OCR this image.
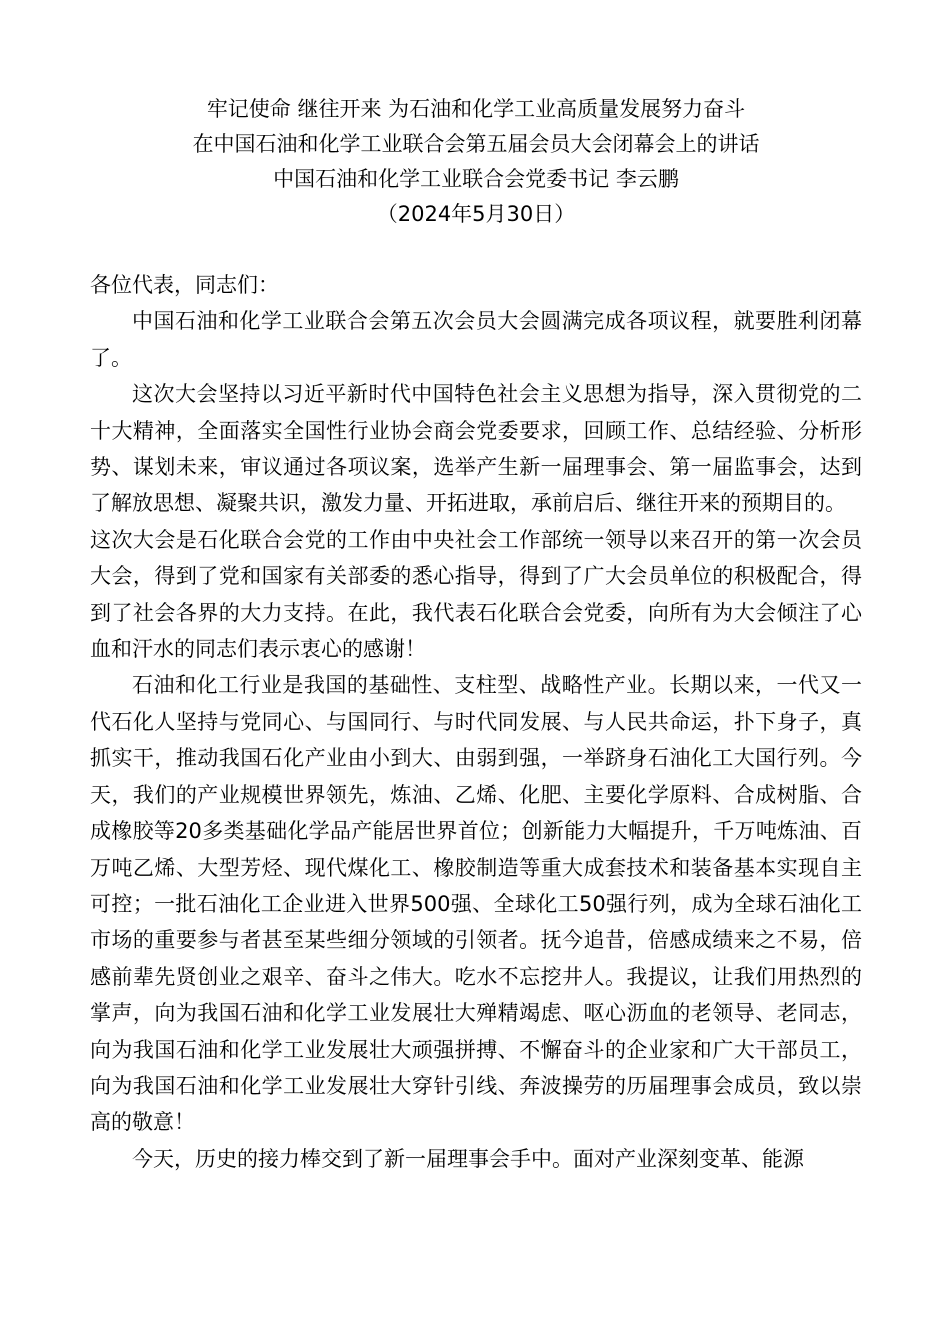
牢记使命 继往开来 为石油和化学工业高质量发展努力奋斗
在中国石油和化学工业联合会第五届会员大会闭幕会上的讲话
中国石油和化学工业联合会党委书记 李云鹏
（2024年5月30日）

各位代表，同志们：

中国石油和化学工业联合会第五次会员大会圆满完成各项议程，就要胜利闭幕了。

这次大会坚持以习近平新时代中国特色社会主义思想为指导，深入贯彻党的二十大精神，全面落实全国性行业协会商会党委要求，回顾工作、总结经验、分析形势、谋划未来，审议通过各项议案，选举产生新一届理事会、第一届监事会，达到了解放思想、凝聚共识，激发力量、开拓进取，承前启后、继往开来的预期目的。

这次大会是石化联合会党的工作由中央社会工作部统一领导以来召开的第一次会员大会，得到了党和国家有关部委的悉心指导，得到了广大会员单位的积极配合，得到了社会各界的大力支持。在此，我代表石化联合会党委，向所有为大会倾注了心血和汗水的同志们表示衷心的感谢！

石油和化工行业是我国的基础性、支柱型、战略性产业。长期以来，一代又一代石化人坚持与党同心、与国同行、与时代同发展、与人民共命运，扑下身子，真抓实干，推动我国石化产业由小到大、由弱到强，一举跻身石油化工大国行列。今天，我们的产业规模世界领先，炼油、乙烯、化肥、主要化学原料、合成树脂、合成橡胶等20多类基础化学品产能居世界首位；创新能力大幅提升，千万吨炼油、百万吨乙烯、大型芳烃、现代煤化工、橡胶制造等重大成套技术和装备基本实现自主可控；一批石油化工企业进入世界500强、全球化工50强行列，成为全球石油化工市场的重要参与者甚至某些细分领域的引领者。抚今追昔，倍感成绩来之不易，倍感前辈先贤创业之艰辛、奋斗之伟大。吃水不忘挖井人。我提议，让我们用热烈的掌声，向为我国石油和化学工业发展壮大殚精竭虑、呕心沥血的老领导、老同志，向为我国石油和化学工业发展壮大顽强拼搏、不懈奋斗的企业家和广大干部员工，向为我国石油和化学工业发展壮大穿针引线、奔波操劳的历届理事会成员，致以崇高的敬意！

今天，历史的接力棒交到了新一届理事会手中。面对产业深刻变革、能源
